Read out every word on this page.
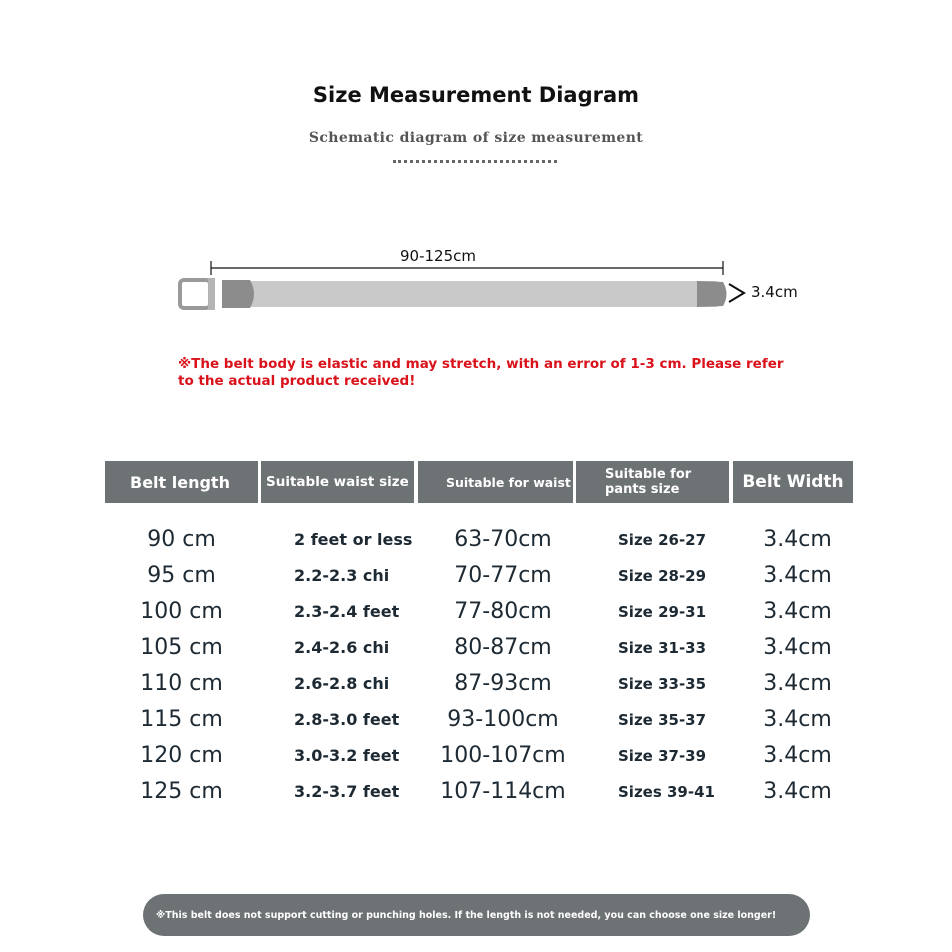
Size Measurement Diagram
Schematic diagram of size measurement
90-125cm
3.4cm
※The belt body is elastic and may stretch, with an error of 1-3 cm. Please refer to the actual product received!
Belt length	Suitable waist size	Suitable for waist	Suitable for
pants size	Belt Width
90 cm	2 feet or less	63-70cm	Size 26-27	3.4cm
95 cm	2.2-2.3 chi	70-77cm	Size 28-29	3.4cm
100 cm	2.3-2.4 feet	77-80cm	Size 29-31	3.4cm
105 cm	2.4-2.6 chi	80-87cm	Size 31-33	3.4cm
110 cm	2.6-2.8 chi	87-93cm	Size 33-35	3.4cm
115 cm	2.8-3.0 feet	93-100cm	Size 35-37	3.4cm
120 cm	3.0-3.2 feet	100-107cm	Size 37-39	3.4cm
125 cm	3.2-3.7 feet	107-114cm	Sizes 39-41	3.4cm
※This belt does not support cutting or punching holes. If the length is not needed, you can choose one size longer!
